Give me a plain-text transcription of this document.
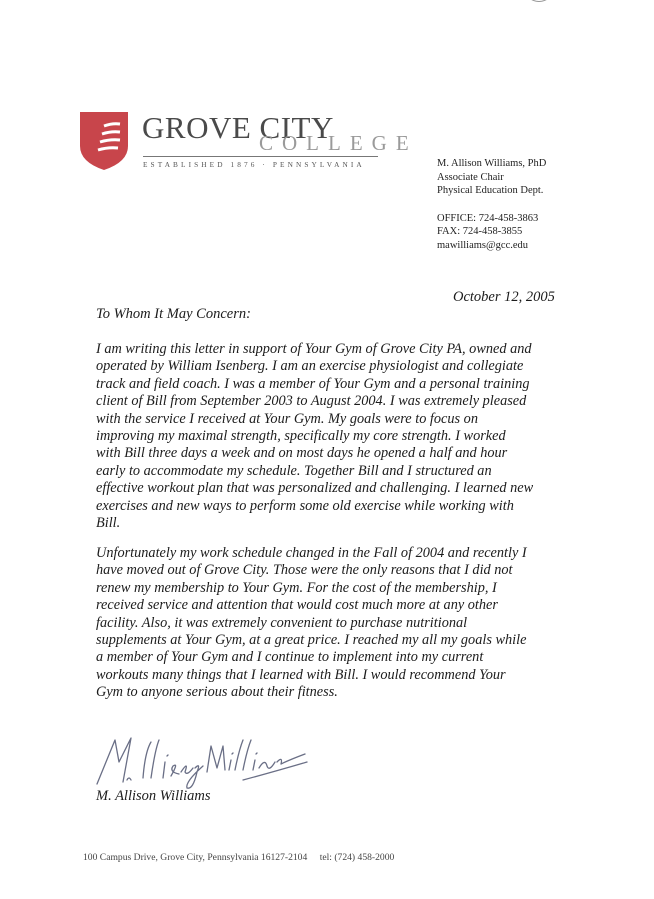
GROVE CITY
COLLEGE
ESTABLISHED 1876 · PENNSYLVANIA	M. Allison Williams, PhD
Associate Chair
Physical Education Dept.
OFFICE: 724-458-3863
FAX: 724-458-3855
mawilliams@gcc.edu
October 12, 2005
To Whom It May Concern:
I am writing this letter in support of Your Gym of Grove City PA, owned and
operated by William Isenberg. I am an exercise physiologist and collegiate
track and field coach. I was a member of Your Gym and a personal training
client of Bill from September 2003 to August 2004. I was extremely pleased
with the service I received at Your Gym. My goals were to focus on
improving my maximal strength, specifically my core strength. I worked
with Bill three days a week and on most days he opened a half and hour
early to accommodate my schedule. Together Bill and I structured an
effective workout plan that was personalized and challenging. I learned new
exercises and new ways to perform some old exercise while working with
Bill.
Unfortunately my work schedule changed in the Fall of 2004 and recently I
have moved out of Grove City. Those were the only reasons that I did not
renew my membership to Your Gym. For the cost of the membership, I
received service and attention that would cost much more at any other
facility. Also, it was extremely convenient to purchase nutritional
supplements at Your Gym, at a great price. I reached my all my goals while
a member of Your Gym and I continue to implement into my current
workouts many things that I learned with Bill. I would recommend Your
Gym to anyone serious about their fitness.
M. Allison Williams
100 Campus Drive, Grove City, Pennsylvania 16127-2104 tel: (724) 458-2000
